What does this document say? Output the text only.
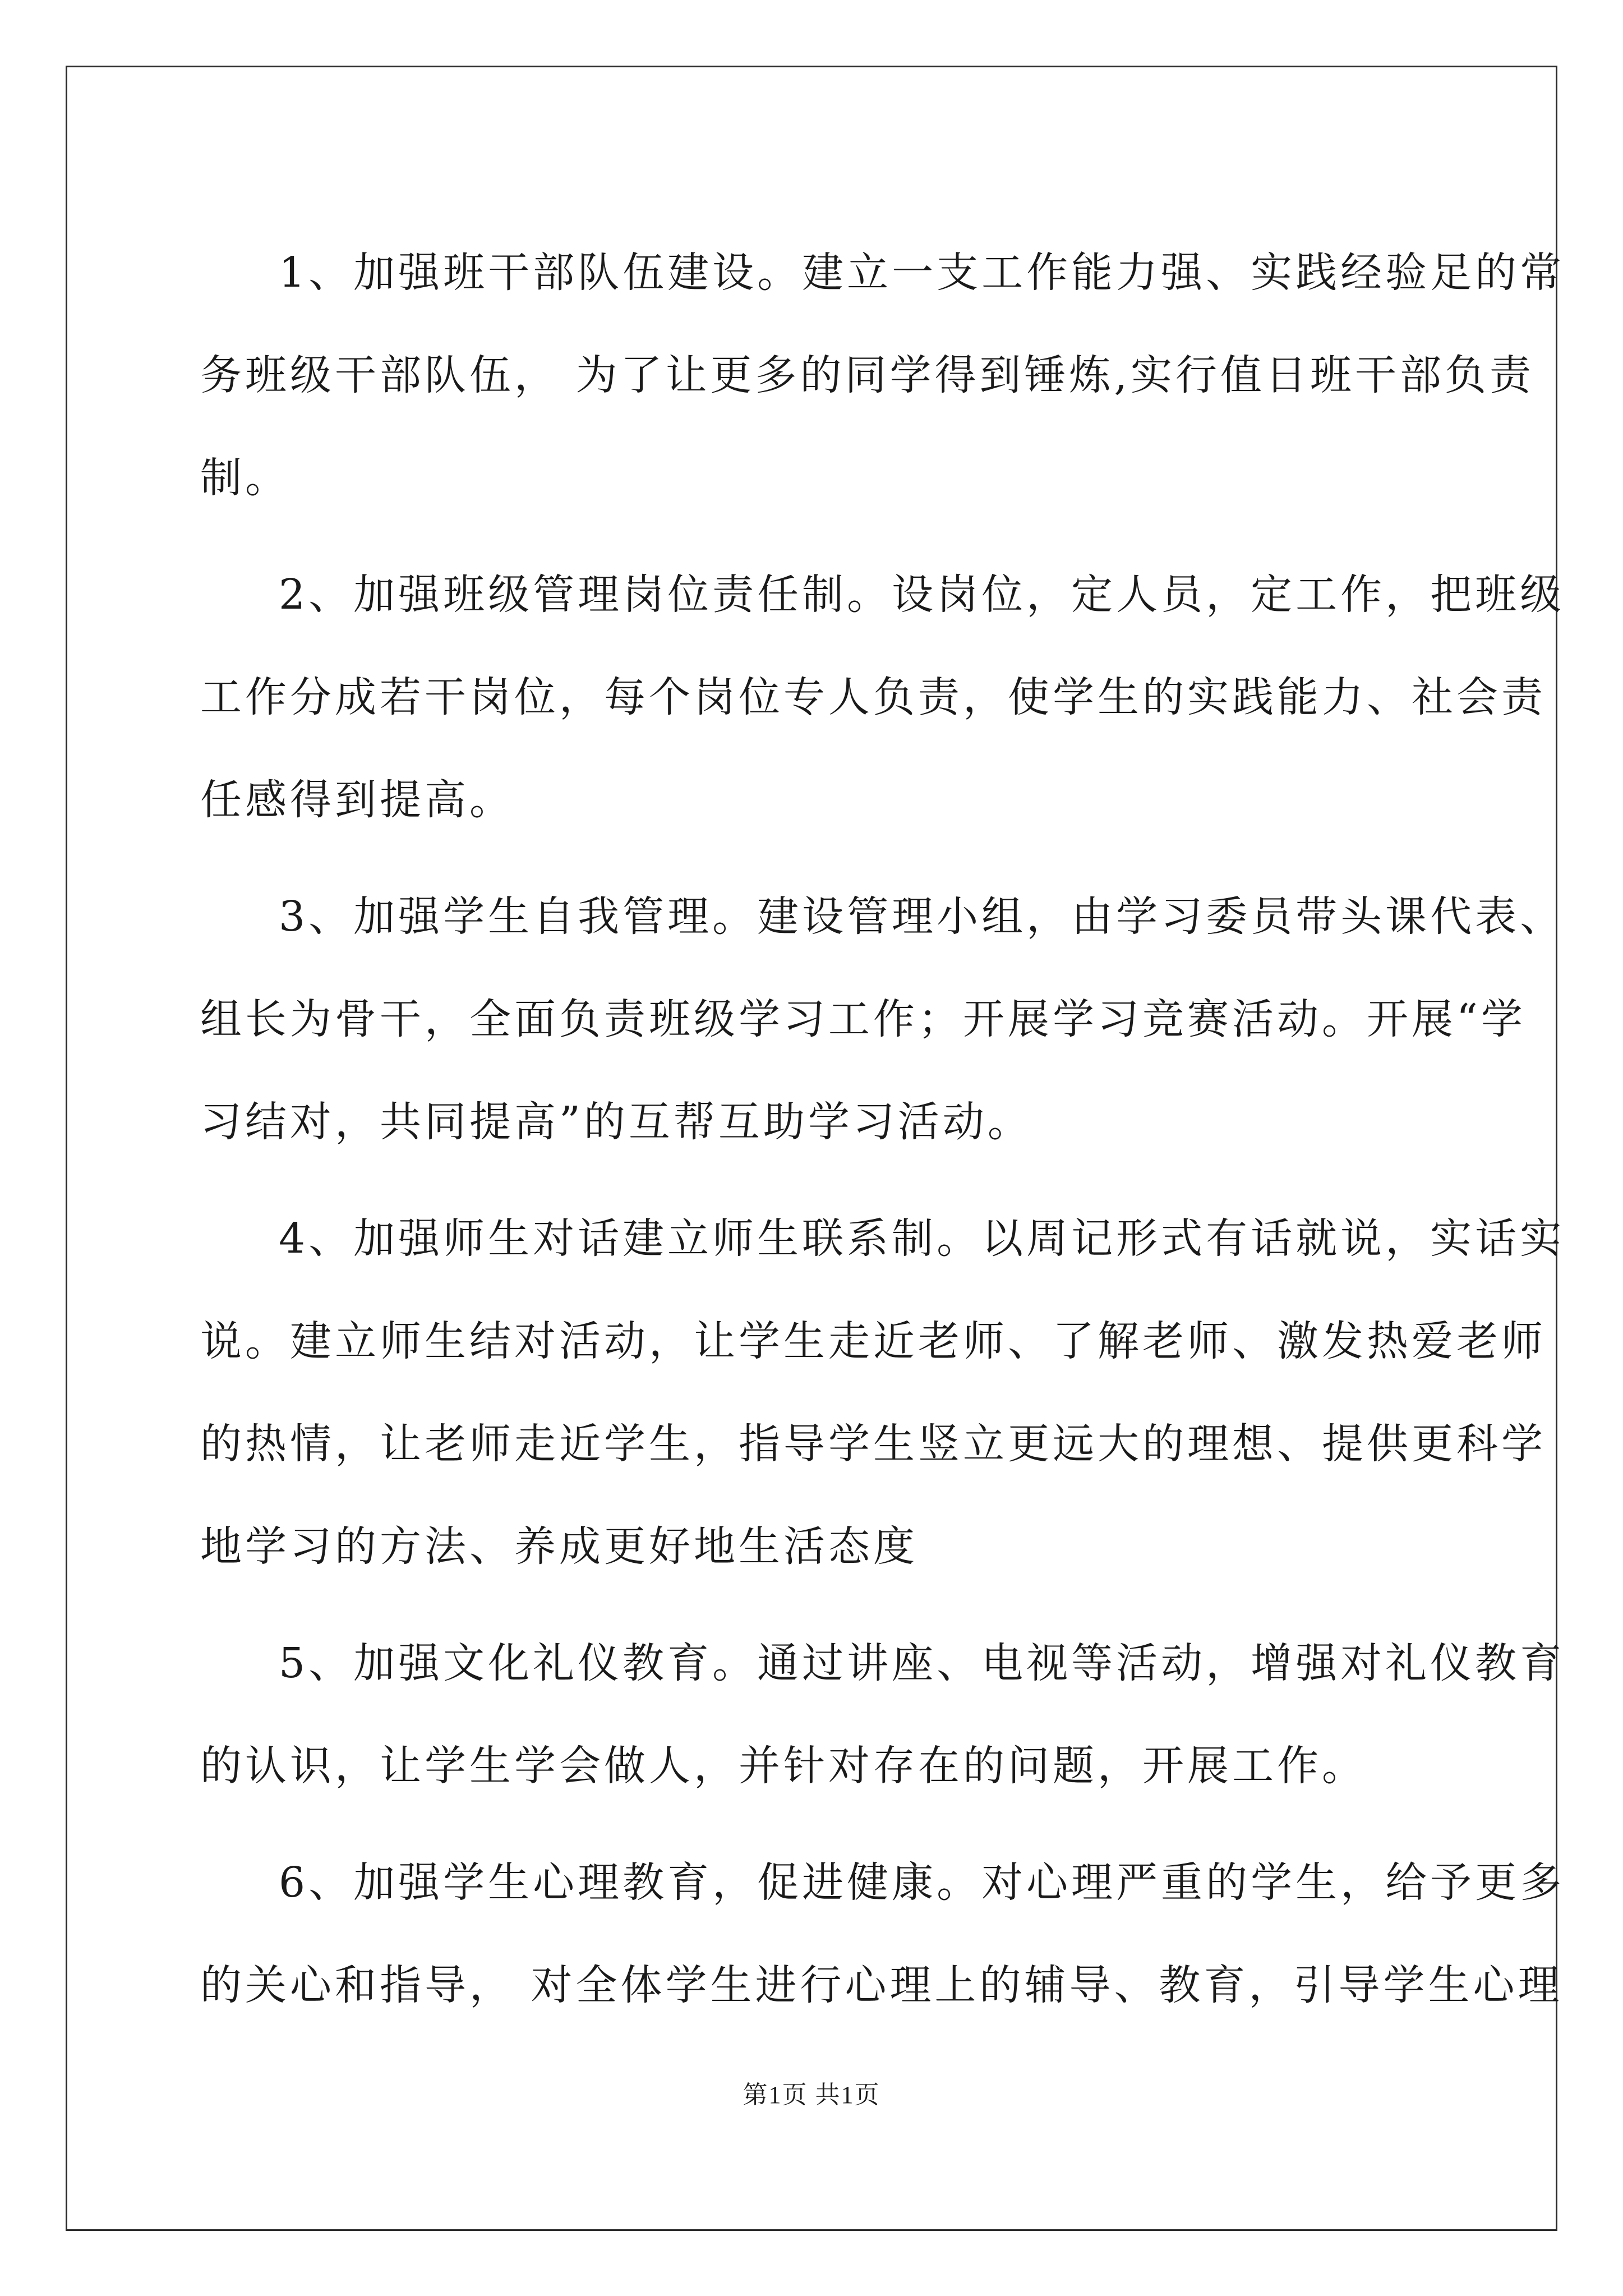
1、加强班干部队伍建设。建立一支工作能力强、实践经验足的常
务班级干部队伍， 为了让更多的同学得到锤炼,实行值日班干部负责
制。

2、加强班级管理岗位责任制。设岗位，定人员，定工作，把班级
工作分成若干岗位，每个岗位专人负责，使学生的实践能力、社会责
任感得到提高。

3、加强学生自我管理。建设管理小组，由学习委员带头课代表、
组长为骨干，全面负责班级学习工作；开展学习竞赛活动。开展“学
习结对，共同提高”的互帮互助学习活动。

4、加强师生对话建立师生联系制。以周记形式有话就说，实话实
说。建立师生结对活动，让学生走近老师、了解老师、激发热爱老师
的热情，让老师走近学生，指导学生竖立更远大的理想、提供更科学
地学习的方法、养成更好地生活态度

5、加强文化礼仪教育。通过讲座、电视等活动，增强对礼仪教育
的认识，让学生学会做人，并针对存在的问题，开展工作。

6、加强学生心理教育，促进健康。对心理严重的学生，给予更多
的关心和指导， 对全体学生进行心理上的辅导、教育，引导学生心理

第1页 共1页
